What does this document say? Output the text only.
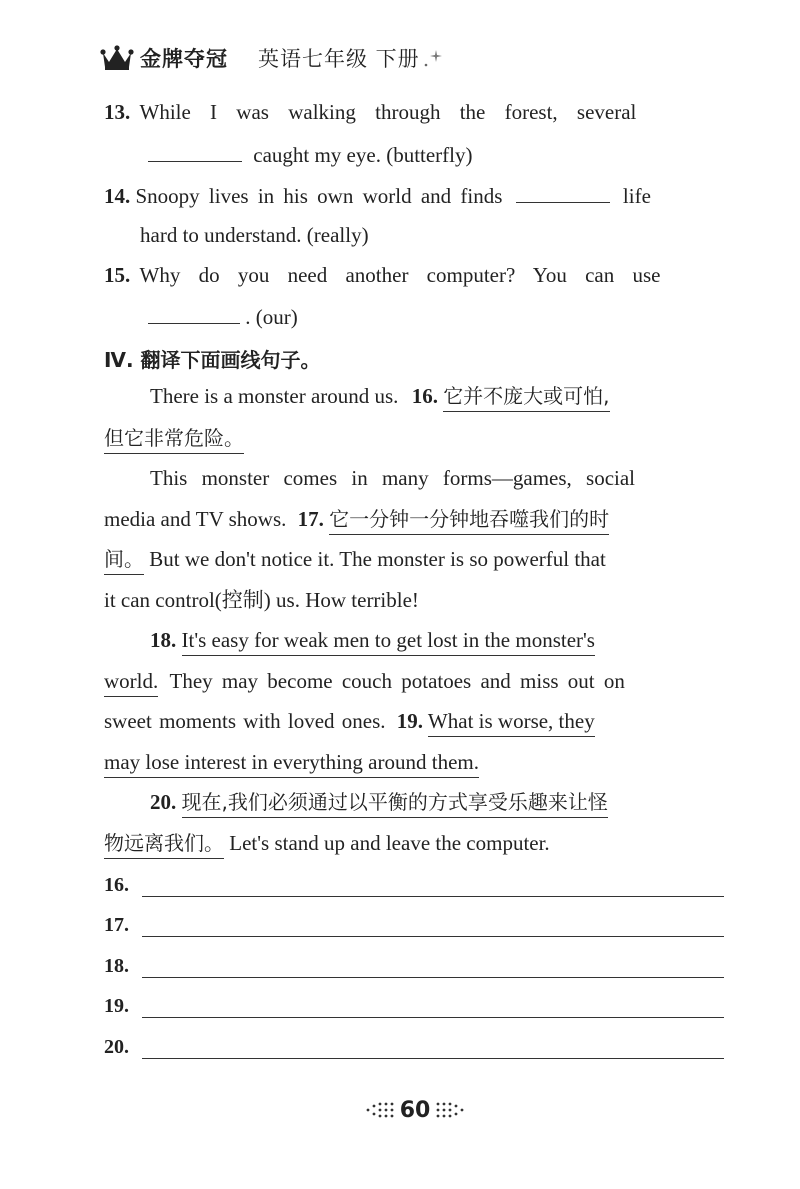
金牌夺冠 英语七年级 下册
13. While I was walking through the forest, several
caught my eye. (butterfly)
14. Snoopy lives in his own world and finds	life
hard to understand. (really)
15. Why do you need another computer? You can use
. (our)
Ⅳ. 翻译下面画线句子。
There is a monster around us. 16. 它并不庞大或可怕,
但它非常危险。
This monster comes in many forms—games, social
media and TV shows. 17. 它一分钟一分钟地吞噬我们的时
间。 But we don't notice it. The monster is so powerful that
it can control(控制) us. How terrible!
18. It's easy for weak men to get lost in the monster's
world. They may become couch potatoes and miss out on
sweet moments with loved ones. 19. What is worse, they
may lose interest in everything around them.
20. 现在,我们必须通过以平衡的方式享受乐趣来让怪
物远离我们。 Let's stand up and leave the computer.
16.
17.
18.
19.
20.
60
